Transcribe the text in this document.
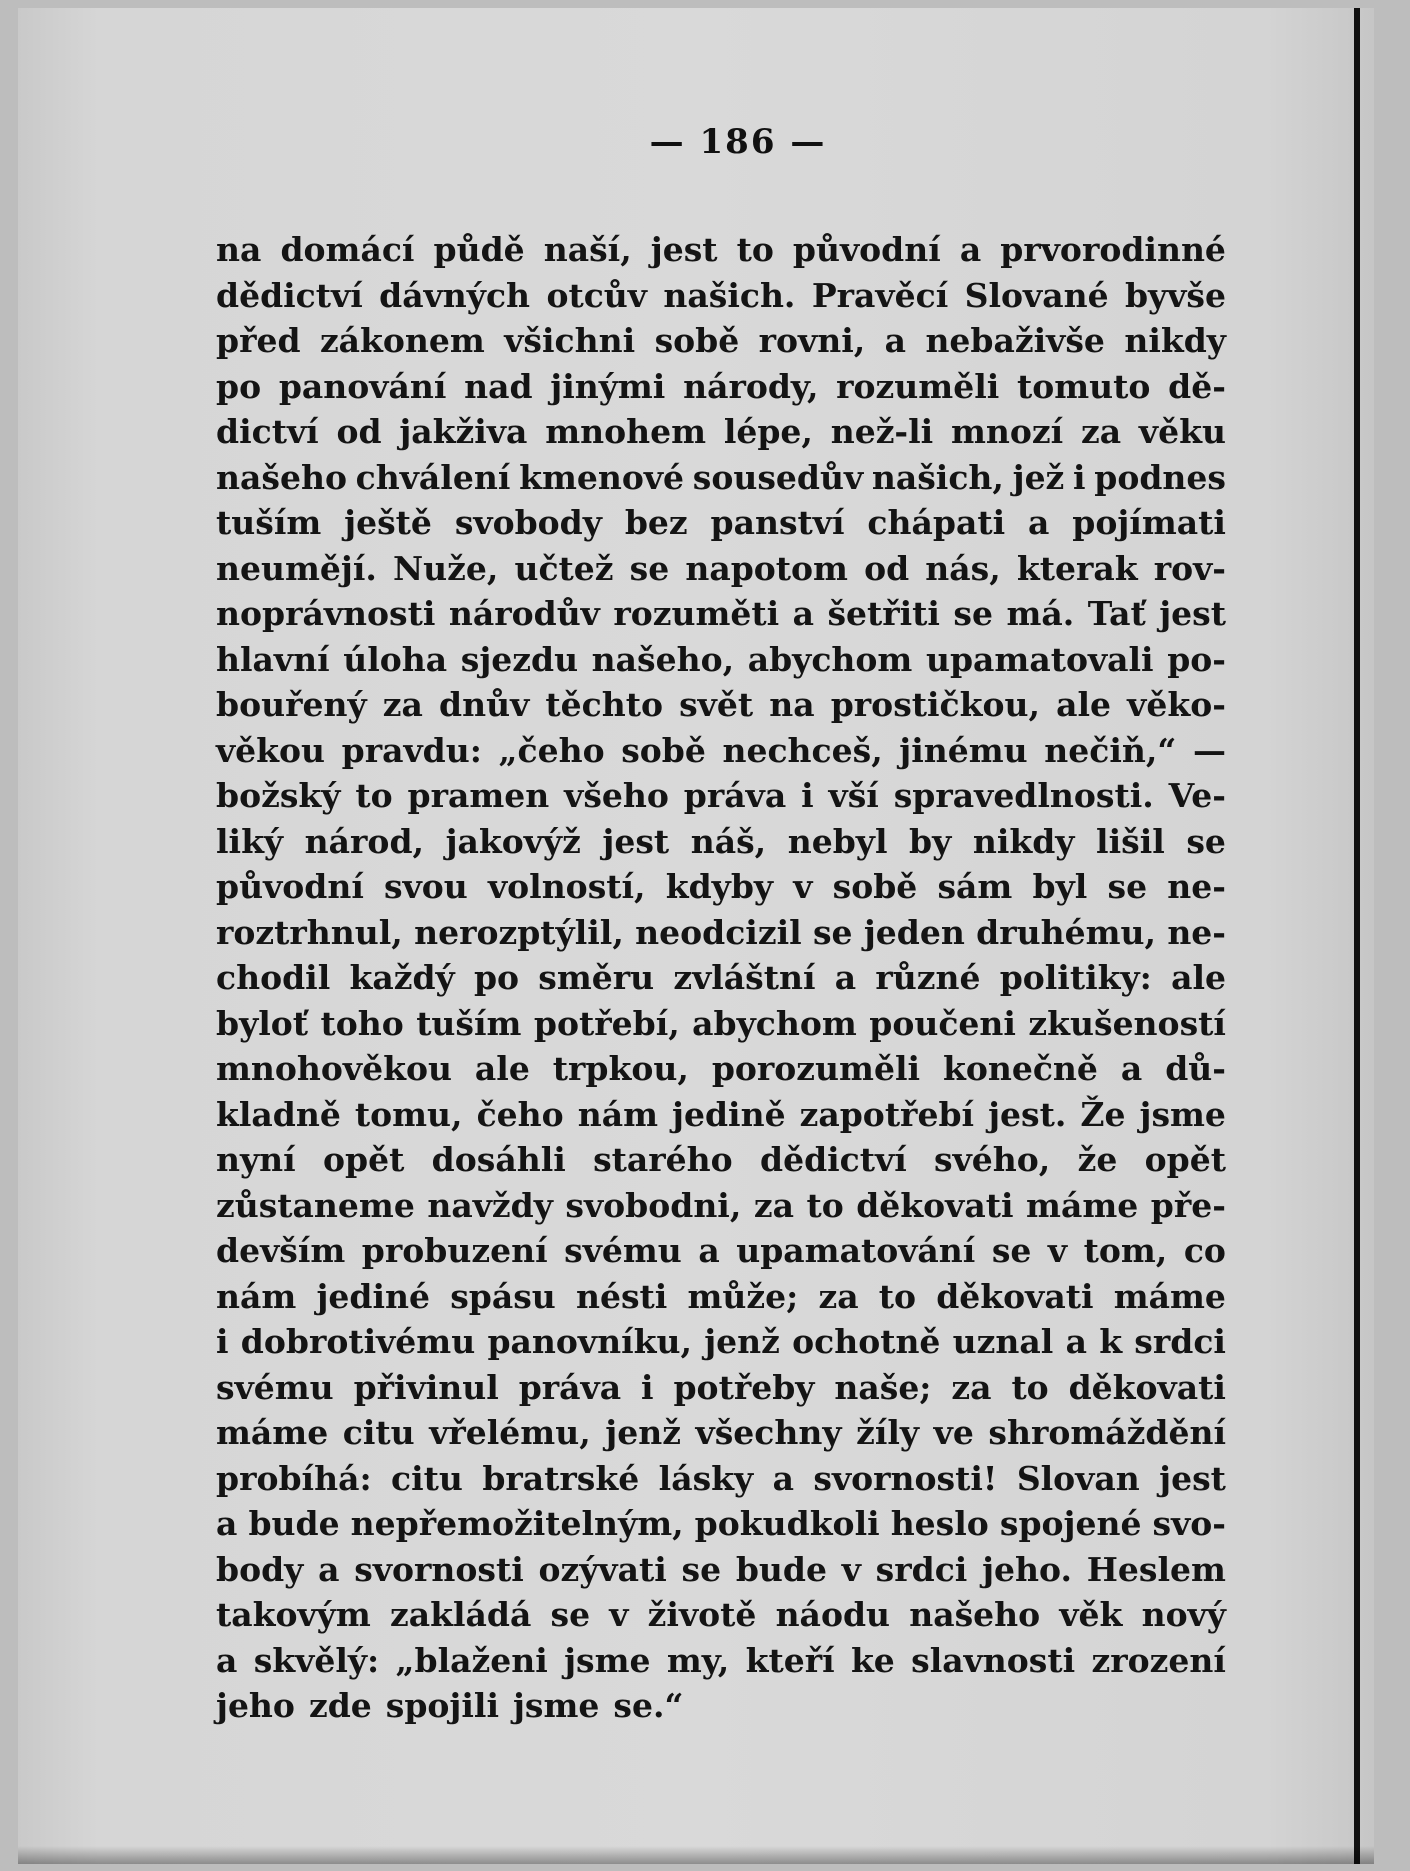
— 186 —
na domácí půdě naší, jest to původní a prvorodinné
dědictví dávných otcův našich. Pravěcí Slované byvše
před zákonem všichni sobě rovni, a nebaživše nikdy
po panování nad jinými národy, rozuměli tomuto dě-
dictví od jakživa mnohem lépe, než-li mnozí za věku
našeho chválení kmenové sousedův našich, jež i podnes
tuším ještě svobody bez panství chápati a pojímati
neumějí. Nuže, učtež se napotom od nás, kterak rov-
noprávnosti národův rozuměti a šetřiti se má. Tať jest
hlavní úloha sjezdu našeho, abychom upamatovali po-
bouřený za dnův těchto svět na prostičkou, ale věko-
věkou pravdu: „čeho sobě nechceš, jinému nečiň,“ —
božský to pramen všeho práva i vší spravedlnosti. Ve-
liký národ, jakovýž jest náš, nebyl by nikdy lišil se
původní svou volností, kdyby v sobě sám byl se ne-
roztrhnul, nerozptýlil, neodcizil se jeden druhému, ne-
chodil každý po směru zvláštní a různé politiky: ale
byloť toho tuším potřebí, abychom poučeni zkušeností
mnohověkou ale trpkou, porozuměli konečně a dů-
kladně tomu, čeho nám jedině zapotřebí jest. Že jsme
nyní opět dosáhli starého dědictví svého, že opět
zůstaneme navždy svobodni, za to děkovati máme pře-
devším probuzení svému a upamatování se v tom, co
nám jediné spásu nésti může; za to děkovati máme
i dobrotivému panovníku, jenž ochotně uznal a k srdci
svému přivinul práva i potřeby naše; za to děkovati
máme citu vřelému, jenž všechny žíly ve shromáždění
probíhá: citu bratrské lásky a svornosti! Slovan jest
a bude nepřemožitelným, pokudkoli heslo spojené svo-
body a svornosti ozývati se bude v srdci jeho. Heslem
takovým zakládá se v životě náodu našeho věk nový
a skvělý: „blaženi jsme my, kteří ke slavnosti zrození
jeho zde spojili jsme se.“
